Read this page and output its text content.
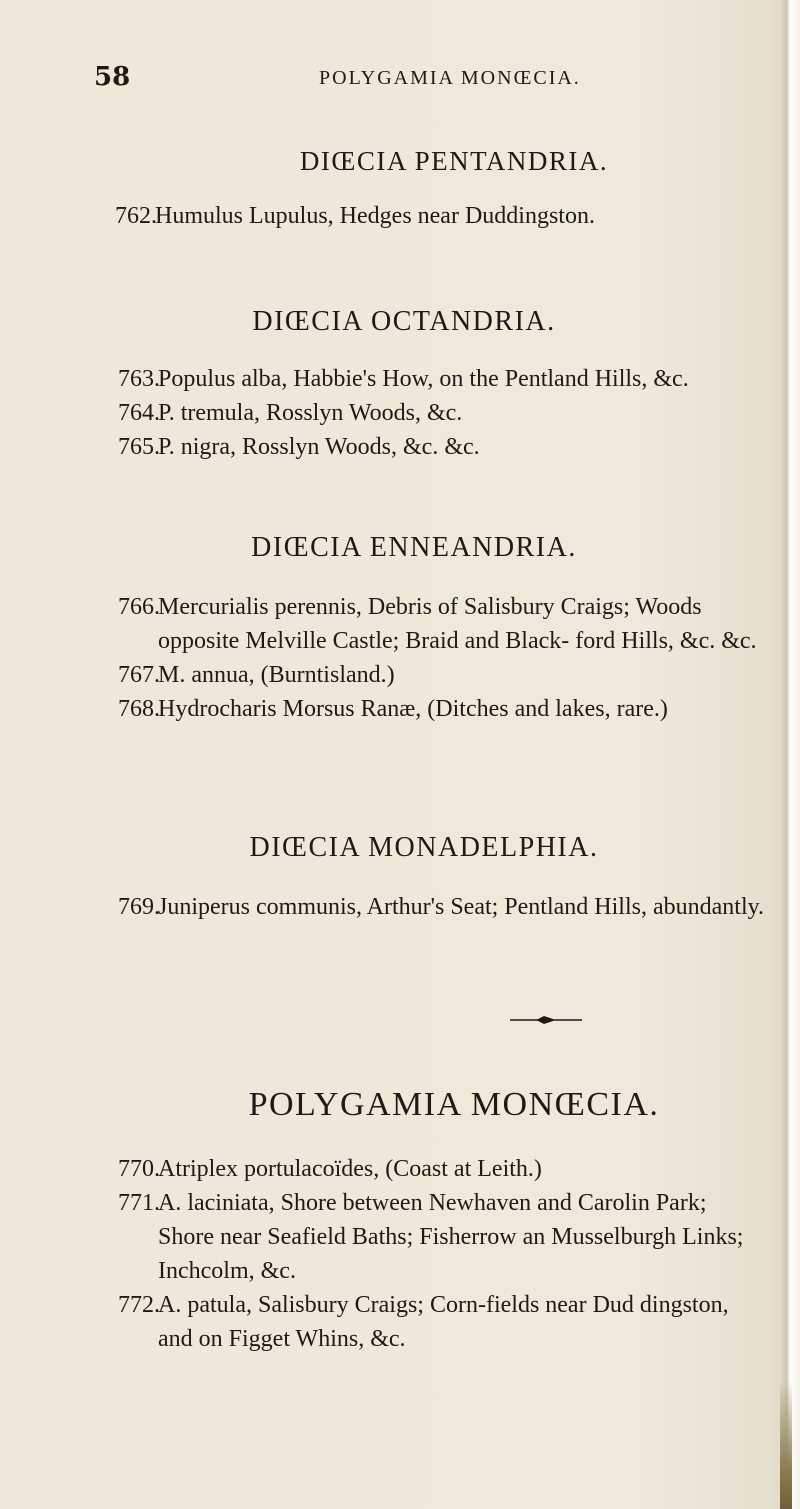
58	POLYGAMIA MONŒCIA.
DIŒCIA PENTANDRIA.
762.
Humulus Lupulus, Hedges near Duddingston.
DIŒCIA OCTANDRIA.
763.
Populus alba, Habbie's How, on the Pentland Hills, &c.
764.
P. tremula, Rosslyn Woods, &c.
765.
P. nigra, Rosslyn Woods, &c. &c.
DIŒCIA ENNEANDRIA.
766.
Mercurialis perennis, Debris of Salisbury Craigs; Woods opposite Melville Castle; Braid and Black- ford Hills, &c. &c.
767.
M. annua, (Burntisland.)
768.
Hydrocharis Morsus Ranæ, (Ditches and lakes, rare.)
DIŒCIA MONADELPHIA.
769.
Juniperus communis, Arthur's Seat; Pentland Hills, abundantly.
POLYGAMIA MONŒCIA.
770.
Atriplex portulacoïdes, (Coast at Leith.)
771.
A. laciniata, Shore between Newhaven and Carolin Park; Shore near Seafield Baths; Fisherrow an Musselburgh Links; Inchcolm, &c.
772.
A. patula, Salisbury Craigs; Corn-fields near Dud dingston, and on Figget Whins, &c.
